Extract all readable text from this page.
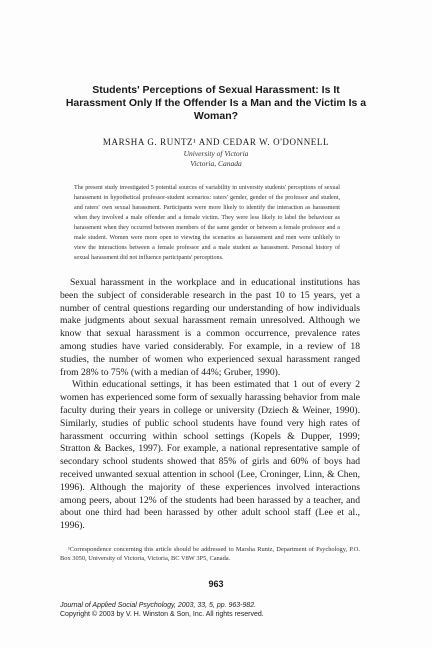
Students' Perceptions of Sexual Harassment: Is It Harassment Only If the Offender Is a Man and the Victim Is a Woman?
MARSHA G. RUNTZ¹ AND CEDAR W. O'DONNELL
University of Victoria
Victoria, Canada
The present study investigated 5 potential sources of variability in university students' perceptions of sexual harassment in hypothetical professor-student scenarios: raters' gender, gender of the professor and student, and raters' own sexual harassment. Participants were more likely to identify the interaction as harassment when they involved a male offender and a female victim. They were less likely to label the behaviour as harassment when they occurred between members of the same gender or between a female professor and a male student. Women were more open to viewing the scenarios as harassment and men were unlikely to view the interactions between a female professor and a male student as harassment. Personal history of sexual harassment did not influence participants' perceptions.

Sexual harassment in the workplace and in educational institutions has been the subject of considerable research in the past 10 to 15 years, yet a number of central questions regarding our understanding of how individuals make judgments about sexual harassment remain unresolved. Although we know that sexual harassment is a common occurrence, prevalence rates among studies have varied considerably. For example, in a review of 18 studies, the number of women who experienced sexual harassment ranged from 28% to 75% (with a median of 44%; Gruber, 1990).

Within educational settings, it has been estimated that 1 out of every 2 women has experienced some form of sexually harassing behavior from male faculty during their years in college or university (Dziech & Weiner, 1990). Similarly, studies of public school students have found very high rates of harassment occurring within school settings (Kopels & Dupper, 1999; Stratton & Backes, 1997). For example, a national representative sample of secondary school students showed that 85% of girls and 60% of boys had received unwanted sexual attention in school (Lee, Croninger, Linn, & Chen, 1996). Although the majority of these experiences involved interactions among peers, about 12% of the students had been harassed by a teacher, and about one third had been harassed by other adult school staff (Lee et al., 1996).

¹Correspondence concerning this article should be addressed to Marsha Runtz, Department of Psychology, P.O. Box 3050, University of Victoria, Victoria, BC V8W 3P5, Canada.
963
Journal of Applied Social Psychology, 2003, 33, 5, pp. 963-982.
Copyright © 2003 by V. H. Winston & Son, Inc. All rights reserved.
